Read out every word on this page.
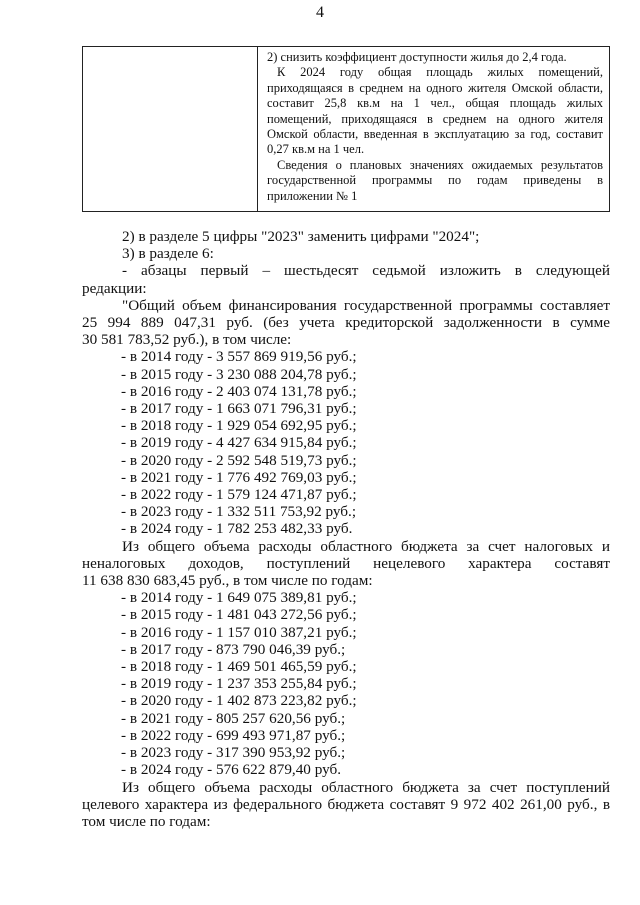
4

2) снизить коэффициент доступности жилья до 2,4 года.

К 2024 году общая площадь жилых помещений, приходящаяся в среднем на одного жителя Омской области, составит 25,8 кв.м на 1 чел., общая площадь жилых помещений, приходящаяся в среднем на одного жителя Омской области, введенная в эксплуатацию за год, составит 0,27 кв.м на 1 чел.

Сведения о плановых значениях ожидаемых результатов государственной программы по годам приведены в приложении № 1

2) в разделе 5 цифры "2023" заменить цифрами "2024";

3) в разделе 6:

- абзацы первый – шестьдесят седьмой изложить в следующей

редакции:

"Общий объем финансирования государственной программы составляет

25 994 889 047,31 руб. (без учета кредиторской задолженности в сумме

30 581 783,52 руб.), в том числе:

- в 2014 году - 3 557 869 919,56 руб.;
- в 2015 году - 3 230 088 204,78 руб.;
- в 2016 году - 2 403 074 131,78 руб.;
- в 2017 году - 1 663 071 796,31 руб.;
- в 2018 году - 1 929 054 692,95 руб.;
- в 2019 году - 4 427 634 915,84 руб.;
- в 2020 году - 2 592 548 519,73 руб.;
- в 2021 году - 1 776 492 769,03 руб.;
- в 2022 году - 1 579 124 471,87 руб.;
- в 2023 году - 1 332 511 753,92 руб.;
- в 2024 году - 1 782 253 482,33 руб.

Из общего объема расходы областного бюджета за счет налоговых и

неналоговых доходов, поступлений нецелевого характера составят

11 638 830 683,45 руб., в том числе по годам:

- в 2014 году - 1 649 075 389,81 руб.;
- в 2015 году - 1 481 043 272,56 руб.;
- в 2016 году - 1 157 010 387,21 руб.;
- в 2017 году - 873 790 046,39 руб.;
- в 2018 году - 1 469 501 465,59 руб.;
- в 2019 году - 1 237 353 255,84 руб.;
- в 2020 году - 1 402 873 223,82 руб.;
- в 2021 году - 805 257 620,56 руб.;
- в 2022 году - 699 493 971,87 руб.;
- в 2023 году - 317 390 953,92 руб.;
- в 2024 году - 576 622 879,40 руб.

Из общего объема расходы областного бюджета за счет поступлений

целевого характера из федерального бюджета составят 9 972 402 261,00 руб., в

том числе по годам:
